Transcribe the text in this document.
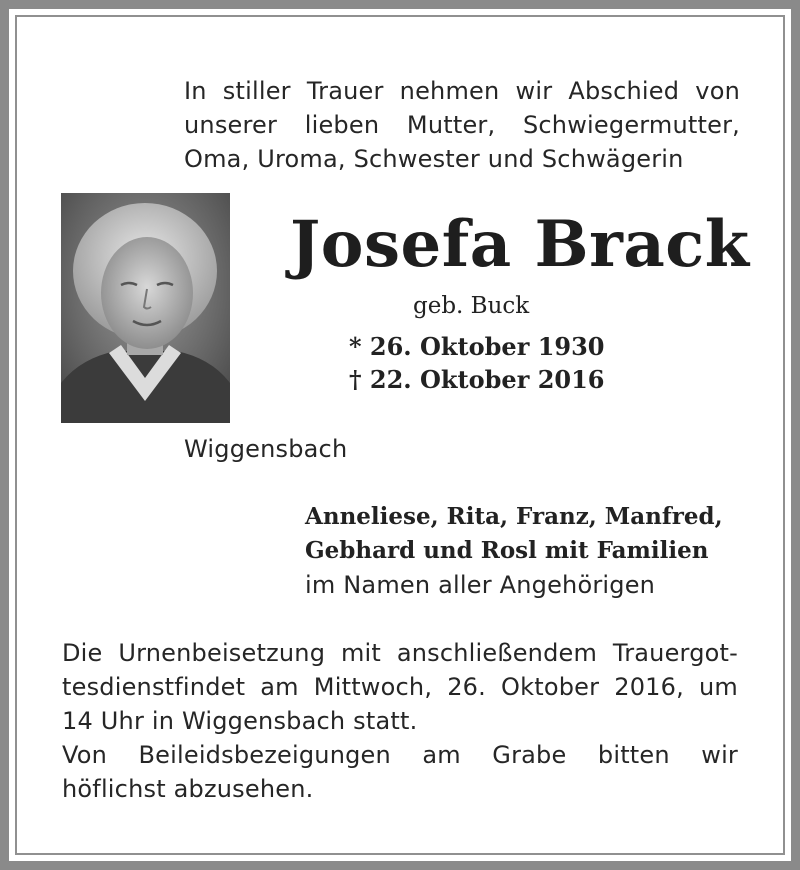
In stiller Trauer nehmen wir Abschied von
unserer lieben Mutter, Schwiegermutter,
Oma, Uroma, Schwester und Schwägerin
Josefa Brack
geb. Buck
* 26. Oktober 1930
† 22. Oktober 2016
Wiggensbach
Anneliese, Rita, Franz, Manfred,
Gebhard und Rosl mit Familien
im Namen aller Angehörigen
Die Urnenbeisetzung mit anschließendem Trauergot-
tesdienstfindet am Mittwoch, 26. Oktober 2016, um
14 Uhr in Wiggensbach statt.
Von Beileidsbezeigungen am Grabe bitten wir
höflichst abzusehen.
